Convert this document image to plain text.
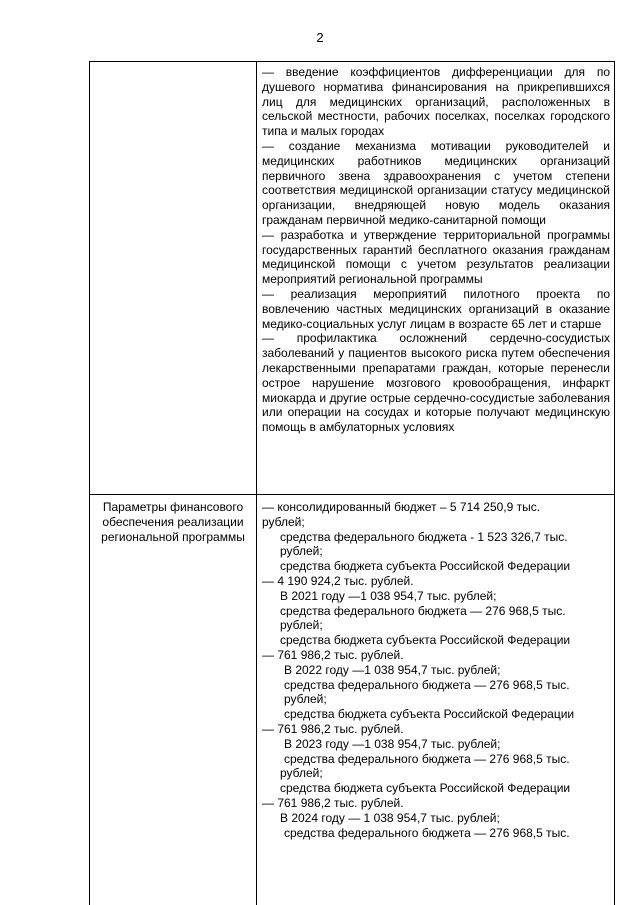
2

— введение коэффициентов дифференциации для по душевого норматива финансирования на прикрепившихся лиц для медицинских организаций, расположенных в сельской местности, рабочих поселках, поселках городского типа и малых городах

— создание механизма мотивации руководителей и медицинских работников медицинских организаций первичного звена здравоохранения с учетом степени соответствия медицинской организации статусу медицинской организации, внедряющей новую модель оказания гражданам первичной медико-санитарной помощи

— разработка и утверждение территориальной программы государственных гарантий бесплатного оказания гражданам медицинской помощи с учетом результатов реализации мероприятий региональной программы

— реализация мероприятий пилотного проекта по вовлечению частных медицинских организаций в оказание медико-социальных услуг лицам в возрасте 65 лет и старше

— профилактика осложнений сердечно-сосудистых заболеваний у пациентов высокого риска путем обеспечения лекарственными препаратами граждан, которые перенесли острое нарушение мозгового кровообращения, инфаркт миокарда и другие острые сердечно-сосудистые заболевания или операции на сосудах и которые получают медицинскую помощь в амбулаторных условиях

Параметры финансового обеспечения реализации региональной программы
— консолидированный бюджет – 5 714 250,9 тыс.
рублей;
средства федерального бюджета - 1 523 326,7 тыс.
рублей;
средства бюджета субъекта Российской Федерации
— 4 190 924,2 тыс. рублей.
В 2021 году —1 038 954,7 тыс. рублей;
средства федерального бюджета — 276 968,5 тыс.
рублей;
средства бюджета субъекта Российской Федерации
— 761 986,2 тыс. рублей.
В 2022 году —1 038 954,7 тыс. рублей;
средства федерального бюджета — 276 968,5 тыс.
рублей;
средства бюджета субъекта Российской Федерации
— 761 986,2 тыс. рублей.
В 2023 году —1 038 954,7 тыс. рублей;
средства федерального бюджета — 276 968,5 тыс.
рублей;
средства бюджета субъекта Российской Федерации
— 761 986,2 тыс. рублей.
В 2024 году — 1 038 954,7 тыс. рублей;
средства федерального бюджета — 276 968,5 тыс.
